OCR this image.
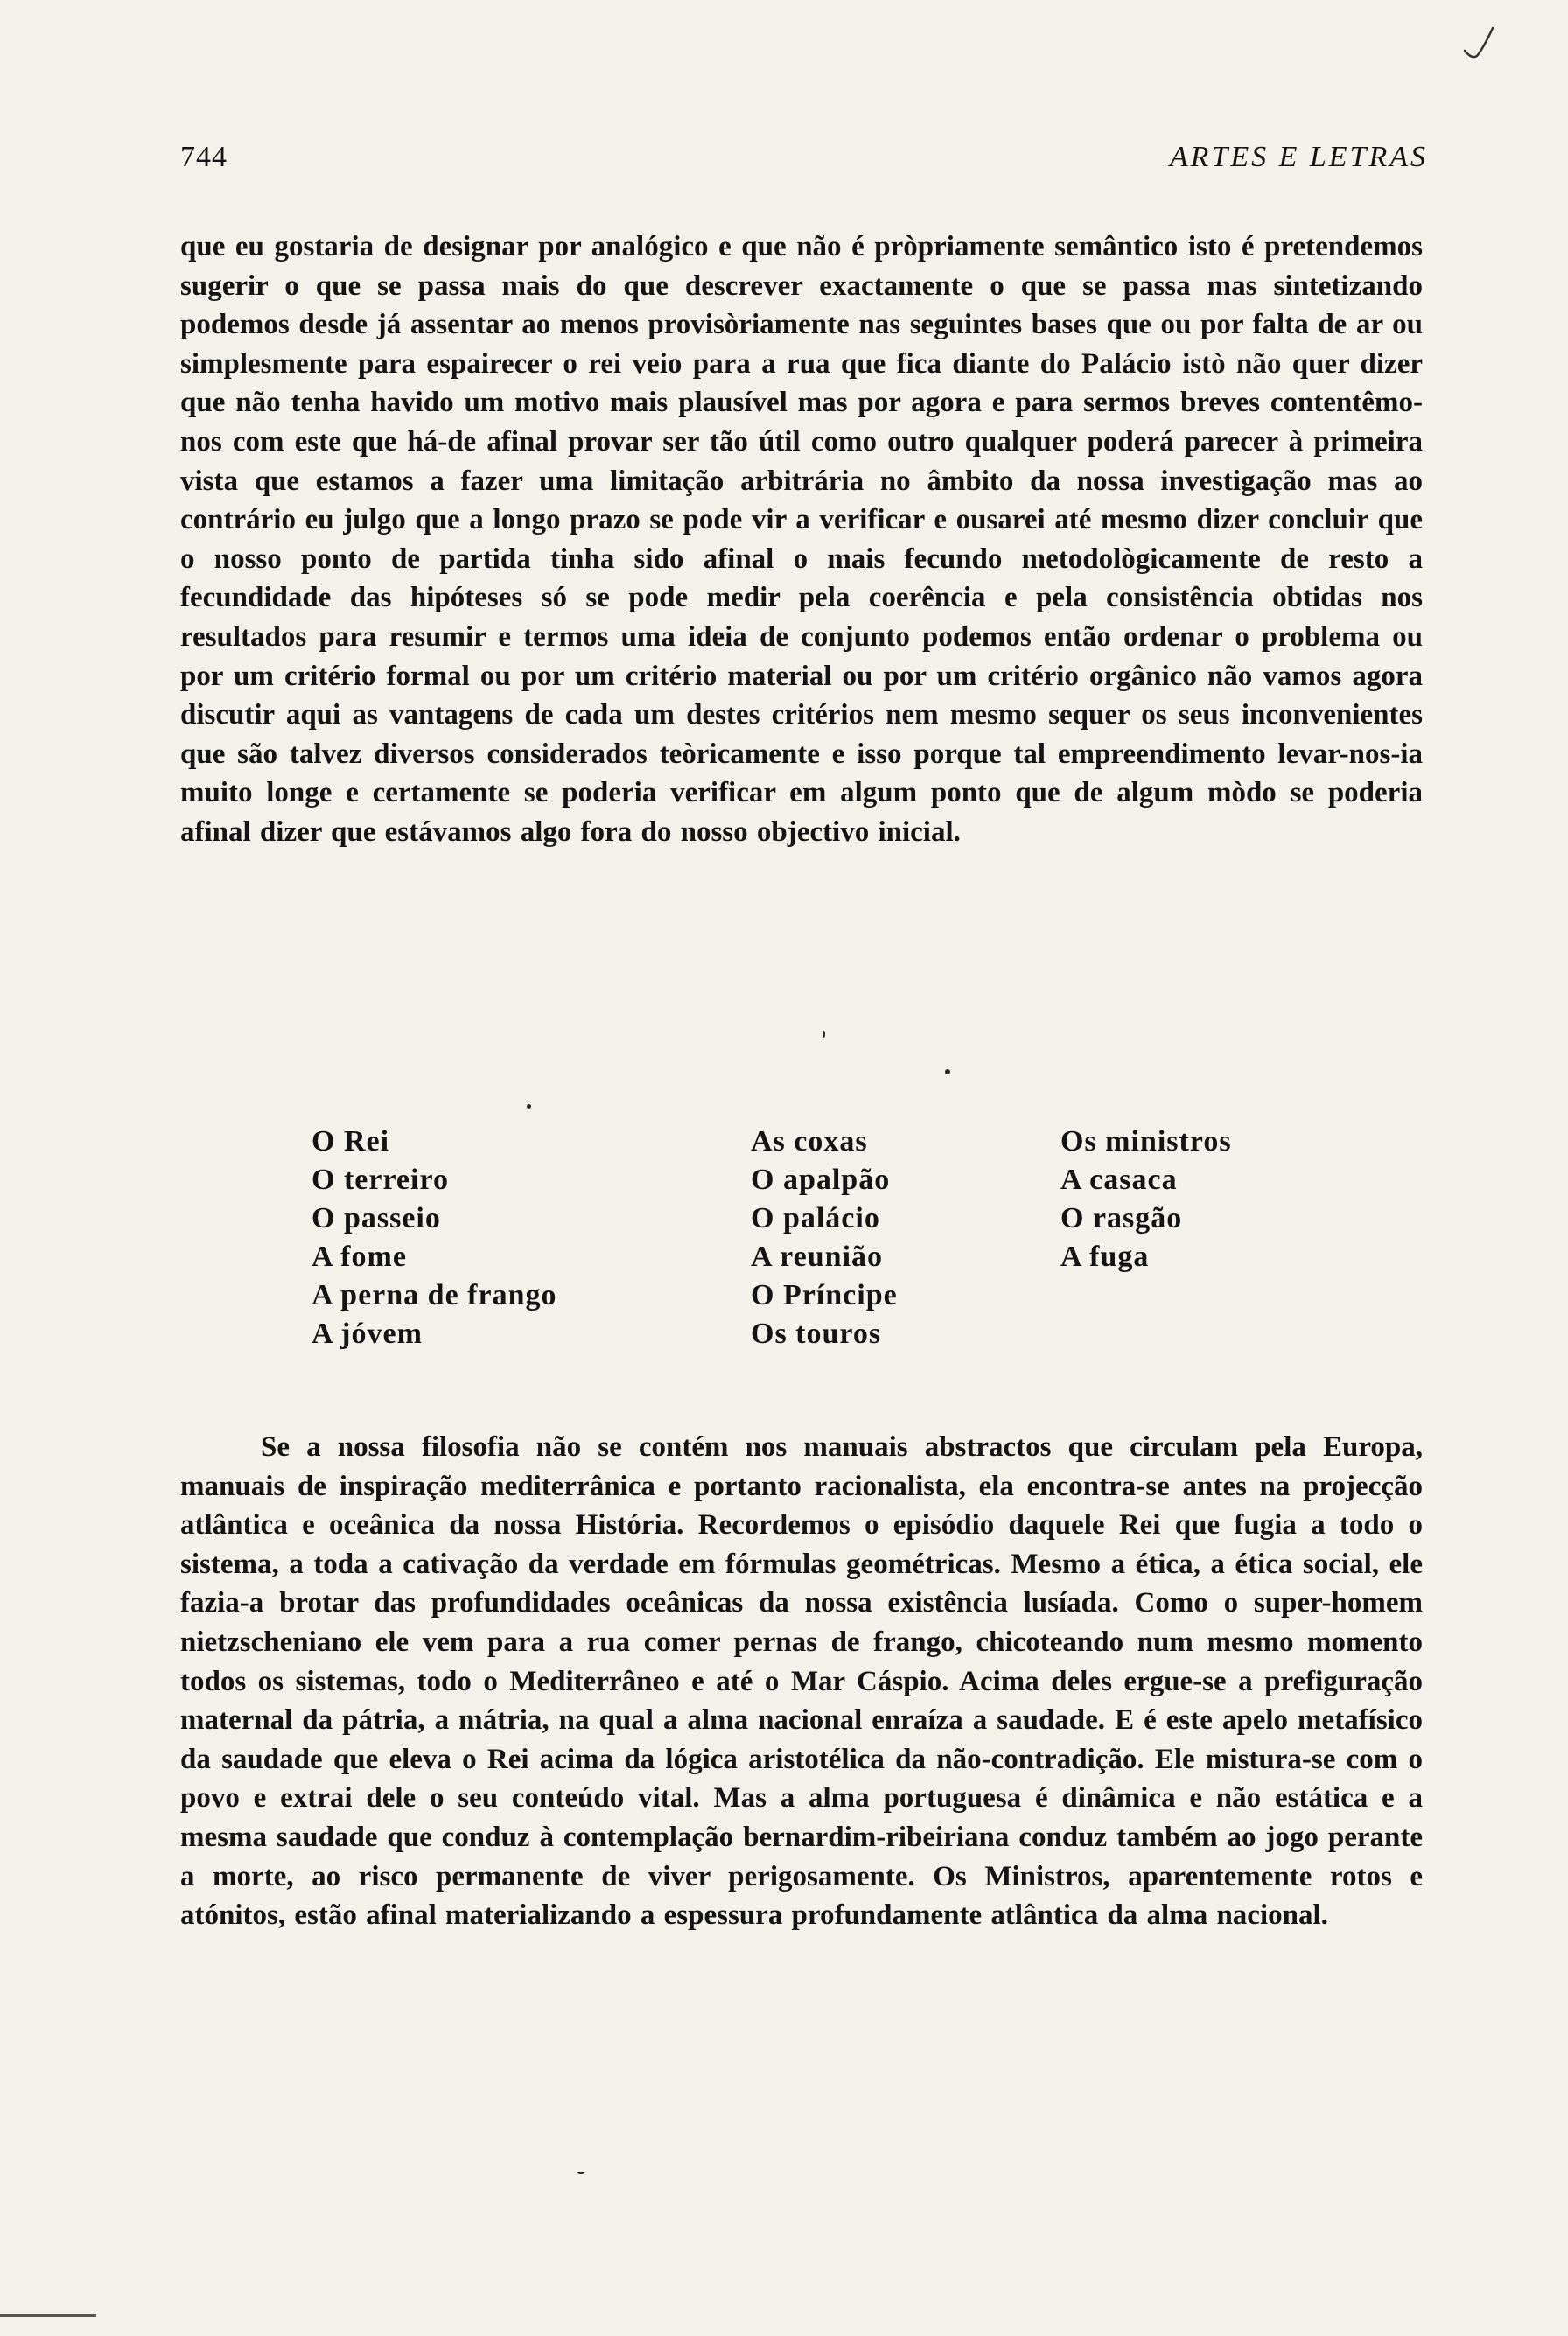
744	ARTES E LETRAS

que eu gostaria de designar por analógico e que não é pròpriamente semântico isto é pretendemos sugerir o que se passa mais do que descrever exactamente o que se passa mas sintetizando podemos desde já assentar ao menos provisòriamente nas seguintes bases que ou por falta de ar ou simplesmente para espairecer o rei veio para a rua que fica diante do Palácio istò não quer dizer que não tenha havido um motivo mais plausível mas por agora e para sermos breves contentêmo-nos com este que há-de afinal provar ser tão útil como outro qualquer poderá parecer à primeira vista que estamos a fazer uma limitação arbitrária no âmbito da nossa investigação mas ao contrário eu julgo que a longo prazo se pode vir a verificar e ousarei até mesmo dizer concluir que o nosso ponto de partida tinha sido afinal o mais fecundo metodològicamente de resto a fecundidade das hipóteses só se pode medir pela coerência e pela consistência obtidas nos resultados para resumir e termos uma ideia de conjunto podemos então ordenar o problema ou por um critério formal ou por um critério material ou por um critério orgânico não vamos agora discutir aqui as vantagens de cada um destes critérios nem mesmo sequer os seus inconvenientes que são talvez diversos considerados teòricamente e isso porque tal empreendimento levar-nos-ia muito longe e certamente se poderia verificar em algum ponto que de algum mòdo se poderia afinal dizer que estávamos algo fora do nosso objectivo inicial.

O Rei
O terreiro
O passeio
A fome
A perna de frango
A jóvem
As coxas
O apalpão
O palácio
A reunião
O Príncipe
Os touros
Os ministros
A casaca
O rasgão
A fuga

Se a nossa filosofia não se contém nos manuais abstractos que circulam pela Europa, manuais de inspiração mediterrânica e portanto racionalista, ela encontra-se antes na projecção atlântica e oceânica da nossa História. Recordemos o episódio daquele Rei que fugia a todo o sistema, a toda a cativação da verdade em fórmulas geométricas. Mesmo a ética, a ética social, ele fazia-a brotar das profundidades oceânicas da nossa existência lusíada. Como o super-homem nietzscheniano ele vem para a rua comer pernas de frango, chicoteando num mesmo momento todos os sistemas, todo o Mediterrâneo e até o Mar Cáspio. Acima deles ergue-se a prefiguração maternal da pátria, a mátria, na qual a alma nacional enraíza a saudade. E é este apelo metafísico da saudade que eleva o Rei acima da lógica aristotélica da não-contradição. Ele mistura-se com o povo e extrai dele o seu conteúdo vital. Mas a alma portuguesa é dinâmica e não estática e a mesma saudade que conduz à contemplação bernardim-ribeiriana conduz também ao jogo perante a morte, ao risco permanente de viver perigosamente. Os Ministros, aparentemente rotos e atónitos, estão afinal materializando a espessura profundamente atlântica da alma nacional.
